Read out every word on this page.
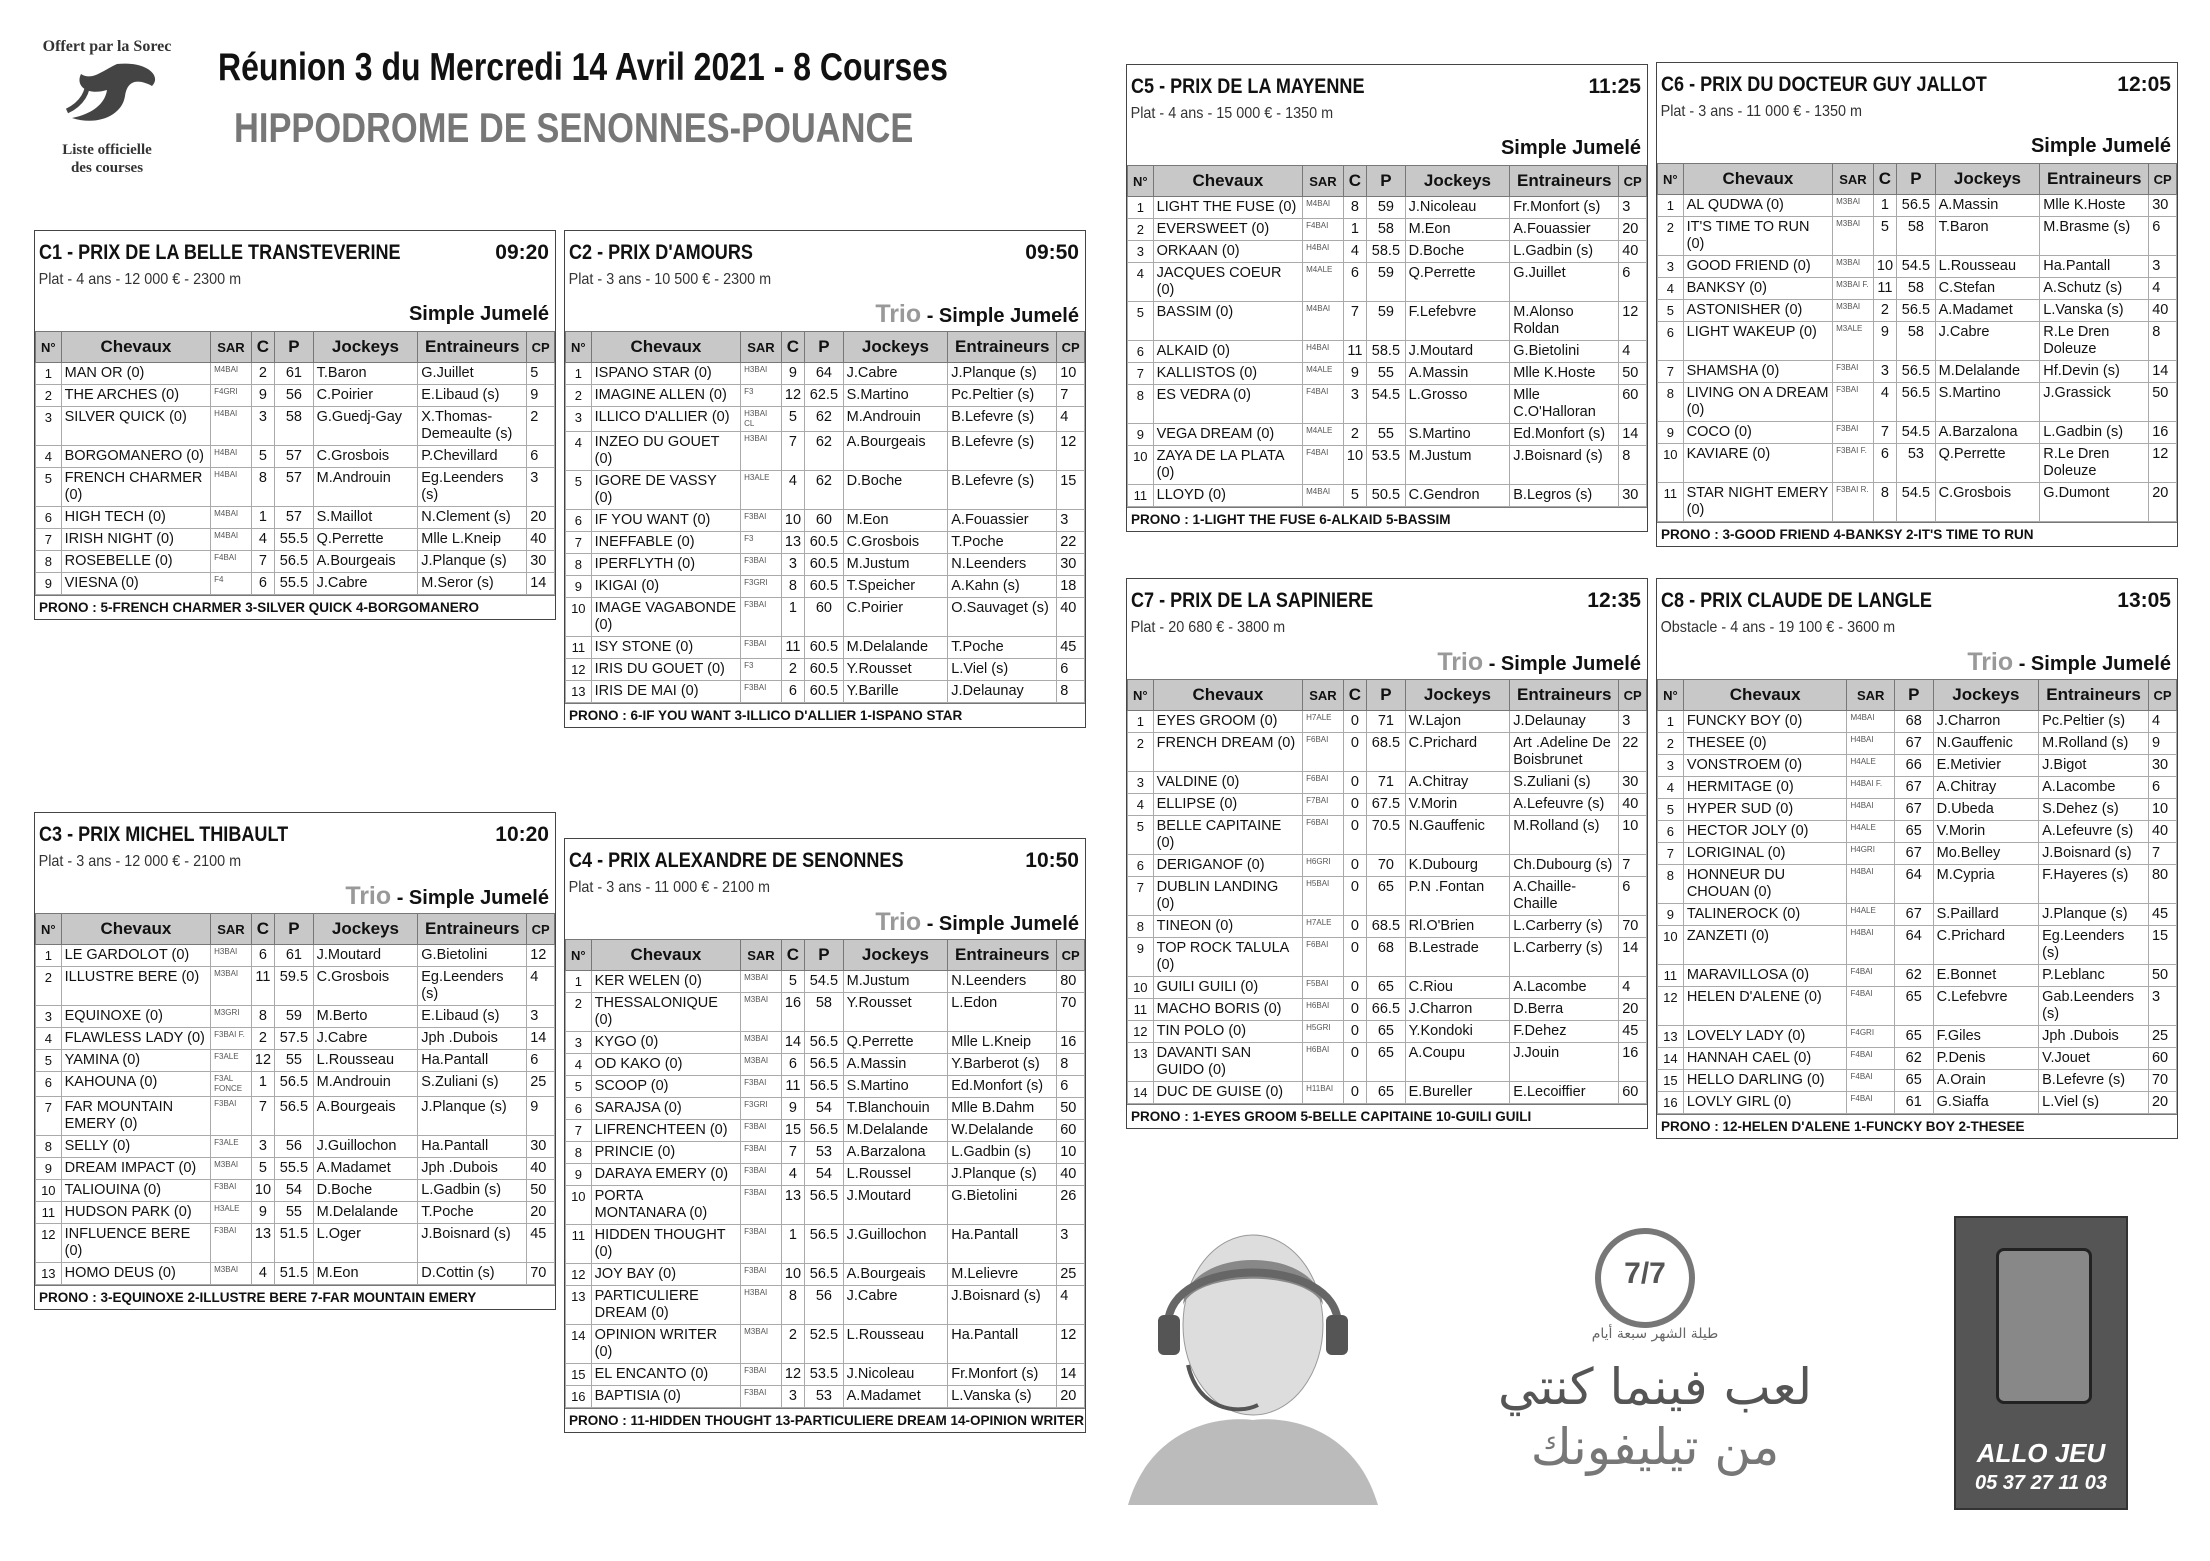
Offert par la Sorec
Liste officielle
des courses
Réunion 3 du Mercredi 14 Avril 2021 - 8 Courses
HIPPODROME DE SENONNES-POUANCE
C1 - PRIX DE LA BELLE TRANSTEVERINE	09:20
Plat - 4 ans - 12 000 € - 2300 m
Simple Jumelé
N°	Chevaux	SAR	C	P	Jockeys	Entraineurs	CP
1	MAN OR (0)	M4BAI	2	61	T.Baron	G.Juillet	5
2	THE ARCHES (0)	F4GRI	9	56	C.Poirier	E.Libaud (s)	9
3	SILVER QUICK (0)	H4BAI	3	58	G.Guedj-Gay	X.Thomas-Demeaulte (s)	2
4	BORGOMANERO (0)	H4BAI	5	57	C.Grosbois	P.Chevillard	6
5	FRENCH CHARMER (0)	H4BAI	8	57	M.Androuin	Eg.Leenders (s)	3
6	HIGH TECH (0)	M4BAI	1	57	S.Maillot	N.Clement (s)	20
7	IRISH NIGHT (0)	M4BAI	4	55.5	Q.Perrette	Mlle L.Kneip	40
8	ROSEBELLE (0)	F4BAI	7	56.5	A.Bourgeais	J.Planque (s)	30
9	VIESNA (0)	F4	6	55.5	J.Cabre	M.Seror (s)	14
PRONO : 5-FRENCH CHARMER 3-SILVER QUICK 4-BORGOMANERO
C2 - PRIX D'AMOURS	09:50
Plat - 3 ans - 10 500 € - 2300 m
Trio - Simple Jumelé
N°	Chevaux	SAR	C	P	Jockeys	Entraineurs	CP
1	ISPANO STAR (0)	H3BAI	9	64	J.Cabre	J.Planque (s)	10
2	IMAGINE ALLEN (0)	F3	12	62.5	S.Martino	Pc.Peltier (s)	7
3	ILLICO D'ALLIER (0)	H3BAI CL	5	62	M.Androuin	B.Lefevre (s)	4
4	INZEO DU GOUET (0)	H3BAI	7	62	A.Bourgeais	B.Lefevre (s)	12
5	IGORE DE VASSY (0)	H3ALE	4	62	D.Boche	B.Lefevre (s)	15
6	IF YOU WANT (0)	F3BAI	10	60	M.Eon	A.Fouassier	3
7	INEFFABLE (0)	F3	13	60.5	C.Grosbois	T.Poche	22
8	IPERFLYTH (0)	F3BAI	3	60.5	M.Justum	N.Leenders	30
9	IKIGAI (0)	F3GRI	8	60.5	T.Speicher	A.Kahn (s)	18
10	IMAGE VAGABONDE (0)	F3BAI	1	60	C.Poirier	O.Sauvaget (s)	40
11	ISY STONE (0)	F3BAI	11	60.5	M.Delalande	T.Poche	45
12	IRIS DU GOUET (0)	F3	2	60.5	Y.Rousset	L.Viel (s)	6
13	IRIS DE MAI (0)	F3BAI	6	60.5	Y.Barille	J.Delaunay	8
PRONO : 6-IF YOU WANT 3-ILLICO D'ALLIER 1-ISPANO STAR
C3 - PRIX MICHEL THIBAULT	10:20
Plat - 3 ans - 12 000 € - 2100 m
Trio - Simple Jumelé
N°	Chevaux	SAR	C	P	Jockeys	Entraineurs	CP
1	LE GARDOLOT (0)	H3BAI	6	61	J.Moutard	G.Bietolini	12
2	ILLUSTRE BERE (0)	M3BAI	11	59.5	C.Grosbois	Eg.Leenders (s)	4
3	EQUINOXE (0)	M3GRI	8	59	M.Berto	E.Libaud (s)	3
4	FLAWLESS LADY (0)	F3BAI F.	2	57.5	J.Cabre	Jph .Dubois	14
5	YAMINA (0)	F3ALE	12	55	L.Rousseau	Ha.Pantall	6
6	KAHOUNA (0)	F3AL FONCE	1	56.5	M.Androuin	S.Zuliani (s)	25
7	FAR MOUNTAIN EMERY (0)	F3BAI	7	56.5	A.Bourgeais	J.Planque (s)	9
8	SELLY (0)	F3ALE	3	56	J.Guillochon	Ha.Pantall	30
9	DREAM IMPACT (0)	M3BAI	5	55.5	A.Madamet	Jph .Dubois	40
10	TALIOUINA (0)	F3BAI	10	54	D.Boche	L.Gadbin (s)	50
11	HUDSON PARK (0)	H3ALE	9	55	M.Delalande	T.Poche	20
12	INFLUENCE BERE (0)	F3BAI	13	51.5	L.Oger	J.Boisnard (s)	45
13	HOMO DEUS (0)	M3BAI	4	51.5	M.Eon	D.Cottin (s)	70
PRONO : 3-EQUINOXE 2-ILLUSTRE BERE 7-FAR MOUNTAIN EMERY
C4 - PRIX ALEXANDRE DE SENONNES	10:50
Plat - 3 ans - 11 000 € - 2100 m
Trio - Simple Jumelé
N°	Chevaux	SAR	C	P	Jockeys	Entraineurs	CP
1	KER WELEN (0)	M3BAI	5	54.5	M.Justum	N.Leenders	80
2	THESSALONIQUE (0)	M3BAI	16	58	Y.Rousset	L.Edon	70
3	KYGO (0)	M3BAI	14	56.5	Q.Perrette	Mlle L.Kneip	16
4	OD KAKO (0)	M3BAI	6	56.5	A.Massin	Y.Barberot (s)	8
5	SCOOP (0)	F3BAI	11	56.5	S.Martino	Ed.Monfort (s)	6
6	SARAJSA (0)	F3GRI	9	54	T.Blanchouin	Mlle B.Dahm	50
7	LIFRENCHTEEN (0)	F3BAI	15	56.5	M.Delalande	W.Delalande	60
8	PRINCIE (0)	F3BAI	7	53	A.Barzalona	L.Gadbin (s)	10
9	DARAYA EMERY (0)	F3BAI	4	54	L.Roussel	J.Planque (s)	40
10	PORTA MONTANARA (0)	F3BAI	13	56.5	J.Moutard	G.Bietolini	26
11	HIDDEN THOUGHT (0)	F3BAI	1	56.5	J.Guillochon	Ha.Pantall	3
12	JOY BAY (0)	F3BAI	10	56.5	A.Bourgeais	M.Lelievre	25
13	PARTICULIERE DREAM (0)	H3BAI	8	56	J.Cabre	J.Boisnard (s)	4
14	OPINION WRITER (0)	M3BAI	2	52.5	L.Rousseau	Ha.Pantall	12
15	EL ENCANTO (0)	F3BAI	12	53.5	J.Nicoleau	Fr.Monfort (s)	14
16	BAPTISIA (0)	F3BAI	3	53	A.Madamet	L.Vanska (s)	20
PRONO : 11-HIDDEN THOUGHT 13-PARTICULIERE DREAM 14-OPINION WRITER
C5 - PRIX DE LA MAYENNE	11:25
Plat - 4 ans - 15 000 € - 1350 m
Simple Jumelé
N°	Chevaux	SAR	C	P	Jockeys	Entraineurs	CP
1	LIGHT THE FUSE (0)	M4BAI	8	59	J.Nicoleau	Fr.Monfort (s)	3
2	EVERSWEET (0)	F4BAI	1	58	M.Eon	A.Fouassier	20
3	ORKAAN (0)	H4BAI	4	58.5	D.Boche	L.Gadbin (s)	40
4	JACQUES COEUR (0)	M4ALE	6	59	Q.Perrette	G.Juillet	6
5	BASSIM (0)	M4BAI	7	59	F.Lefebvre	M.Alonso Roldan	12
6	ALKAID (0)	H4BAI	11	58.5	J.Moutard	G.Bietolini	4
7	KALLISTOS (0)	M4ALE	9	55	A.Massin	Mlle K.Hoste	50
8	ES VEDRA (0)	F4BAI	3	54.5	L.Grosso	Mlle C.O'Halloran	60
9	VEGA DREAM (0)	M4ALE	2	55	S.Martino	Ed.Monfort (s)	14
10	ZAYA DE LA PLATA (0)	F4BAI	10	53.5	M.Justum	J.Boisnard (s)	8
11	LLOYD (0)	M4BAI	5	50.5	C.Gendron	B.Legros (s)	30
PRONO : 1-LIGHT THE FUSE 6-ALKAID 5-BASSIM
C6 - PRIX DU DOCTEUR GUY JALLOT	12:05
Plat - 3 ans - 11 000 € - 1350 m
Simple Jumelé
N°	Chevaux	SAR	C	P	Jockeys	Entraineurs	CP
1	AL QUDWA (0)	M3BAI	1	56.5	A.Massin	Mlle K.Hoste	30
2	IT'S TIME TO RUN (0)	M3BAI	5	58	T.Baron	M.Brasme (s)	6
3	GOOD FRIEND (0)	M3BAI	10	54.5	L.Rousseau	Ha.Pantall	3
4	BANKSY (0)	M3BAI F.	11	58	C.Stefan	A.Schutz (s)	4
5	ASTONISHER (0)	M3BAI	2	56.5	A.Madamet	L.Vanska (s)	40
6	LIGHT WAKEUP (0)	M3ALE	9	58	J.Cabre	R.Le Dren Doleuze	8
7	SHAMSHA (0)	F3BAI	3	56.5	M.Delalande	Hf.Devin (s)	14
8	LIVING ON A DREAM (0)	F3BAI	4	56.5	S.Martino	J.Grassick	50
9	COCO (0)	F3BAI	7	54.5	A.Barzalona	L.Gadbin (s)	16
10	KAVIARE (0)	F3BAI F.	6	53	Q.Perrette	R.Le Dren Doleuze	12
11	STAR NIGHT EMERY (0)	F3BAI R.	8	54.5	C.Grosbois	G.Dumont	20
PRONO : 3-GOOD FRIEND 4-BANKSY 2-IT'S TIME TO RUN
C7 - PRIX DE LA SAPINIERE	12:35
Plat - 20 680 € - 3800 m
Trio - Simple Jumelé
N°	Chevaux	SAR	C	P	Jockeys	Entraineurs	CP
1	EYES GROOM (0)	H7ALE	0	71	W.Lajon	J.Delaunay	3
2	FRENCH DREAM (0)	F6BAI	0	68.5	C.Prichard	Art .Adeline De Boisbrunet	22
3	VALDINE (0)	F6BAI	0	71	A.Chitray	S.Zuliani (s)	30
4	ELLIPSE (0)	F7BAI	0	67.5	V.Morin	A.Lefeuvre (s)	40
5	BELLE CAPITAINE (0)	F6BAI	0	70.5	N.Gauffenic	M.Rolland (s)	10
6	DERIGANOF (0)	H6GRI	0	70	K.Dubourg	Ch.Dubourg (s)	7
7	DUBLIN LANDING (0)	H5BAI	0	65	P.N .Fontan	A.Chaille-Chaille	6
8	TINEON (0)	H7ALE	0	68.5	Rl.O'Brien	L.Carberry (s)	70
9	TOP ROCK TALULA (0)	F6BAI	0	68	B.Lestrade	L.Carberry (s)	14
10	GUILI GUILI (0)	F5BAI	0	65	C.Riou	A.Lacombe	4
11	MACHO BORIS (0)	H6BAI	0	66.5	J.Charron	D.Berra	20
12	TIN POLO (0)	H5GRI	0	65	Y.Kondoki	F.Dehez	45
13	DAVANTI SAN GUIDO (0)	H6BAI	0	65	A.Coupu	J.Jouin	16
14	DUC DE GUISE (0)	H11BAI	0	65	E.Bureller	E.Lecoiffier	60
PRONO : 1-EYES GROOM 5-BELLE CAPITAINE 10-GUILI GUILI
C8 - PRIX CLAUDE DE LANGLE	13:05
Obstacle - 4 ans - 19 100 € - 3600 m
Trio - Simple Jumelé
N°	Chevaux	SAR	P	Jockeys	Entraineurs	CP
1	FUNCKY BOY (0)	M4BAI	68	J.Charron	Pc.Peltier (s)	4
2	THESEE (0)	H4BAI	67	N.Gauffenic	M.Rolland (s)	9
3	VONSTROEM (0)	H4ALE	66	E.Metivier	J.Bigot	30
4	HERMITAGE (0)	H4BAI F.	67	A.Chitray	A.Lacombe	6
5	HYPER SUD (0)	H4BAI	67	D.Ubeda	S.Dehez (s)	10
6	HECTOR JOLY (0)	H4ALE	65	V.Morin	A.Lefeuvre (s)	40
7	LORIGINAL (0)	H4GRI	67	Mo.Belley	J.Boisnard (s)	7
8	HONNEUR DU CHOUAN (0)	H4BAI	64	M.Cypria	F.Hayeres (s)	80
9	TALINEROCK (0)	H4ALE	67	S.Paillard	J.Planque (s)	45
10	ZANZETI (0)	H4BAI	64	C.Prichard	Eg.Leenders (s)	15
11	MARAVILLOSA (0)	F4BAI	62	E.Bonnet	P.Leblanc	50
12	HELEN D'ALENE (0)	F4BAI	65	C.Lefebvre	Gab.Leenders (s)	3
13	LOVELY LADY (0)	F4GRI	65	F.Giles	Jph .Dubois	25
14	HANNAH CAEL (0)	F4BAI	62	P.Denis	V.Jouet	60
15	HELLO DARLING (0)	F4BAI	65	A.Orain	B.Lefevre (s)	70
16	LOVLY GIRL (0)	F4BAI	61	G.Siaffa	L.Viel (s)	20
PRONO : 12-HELEN D'ALENE 1-FUNCKY BOY 2-THESEE
7/7
طيلة الشهر سبعة أيام
لعب فينما كنتي
من تيليفونك	ALLO JEU
05 37 27 11 03
